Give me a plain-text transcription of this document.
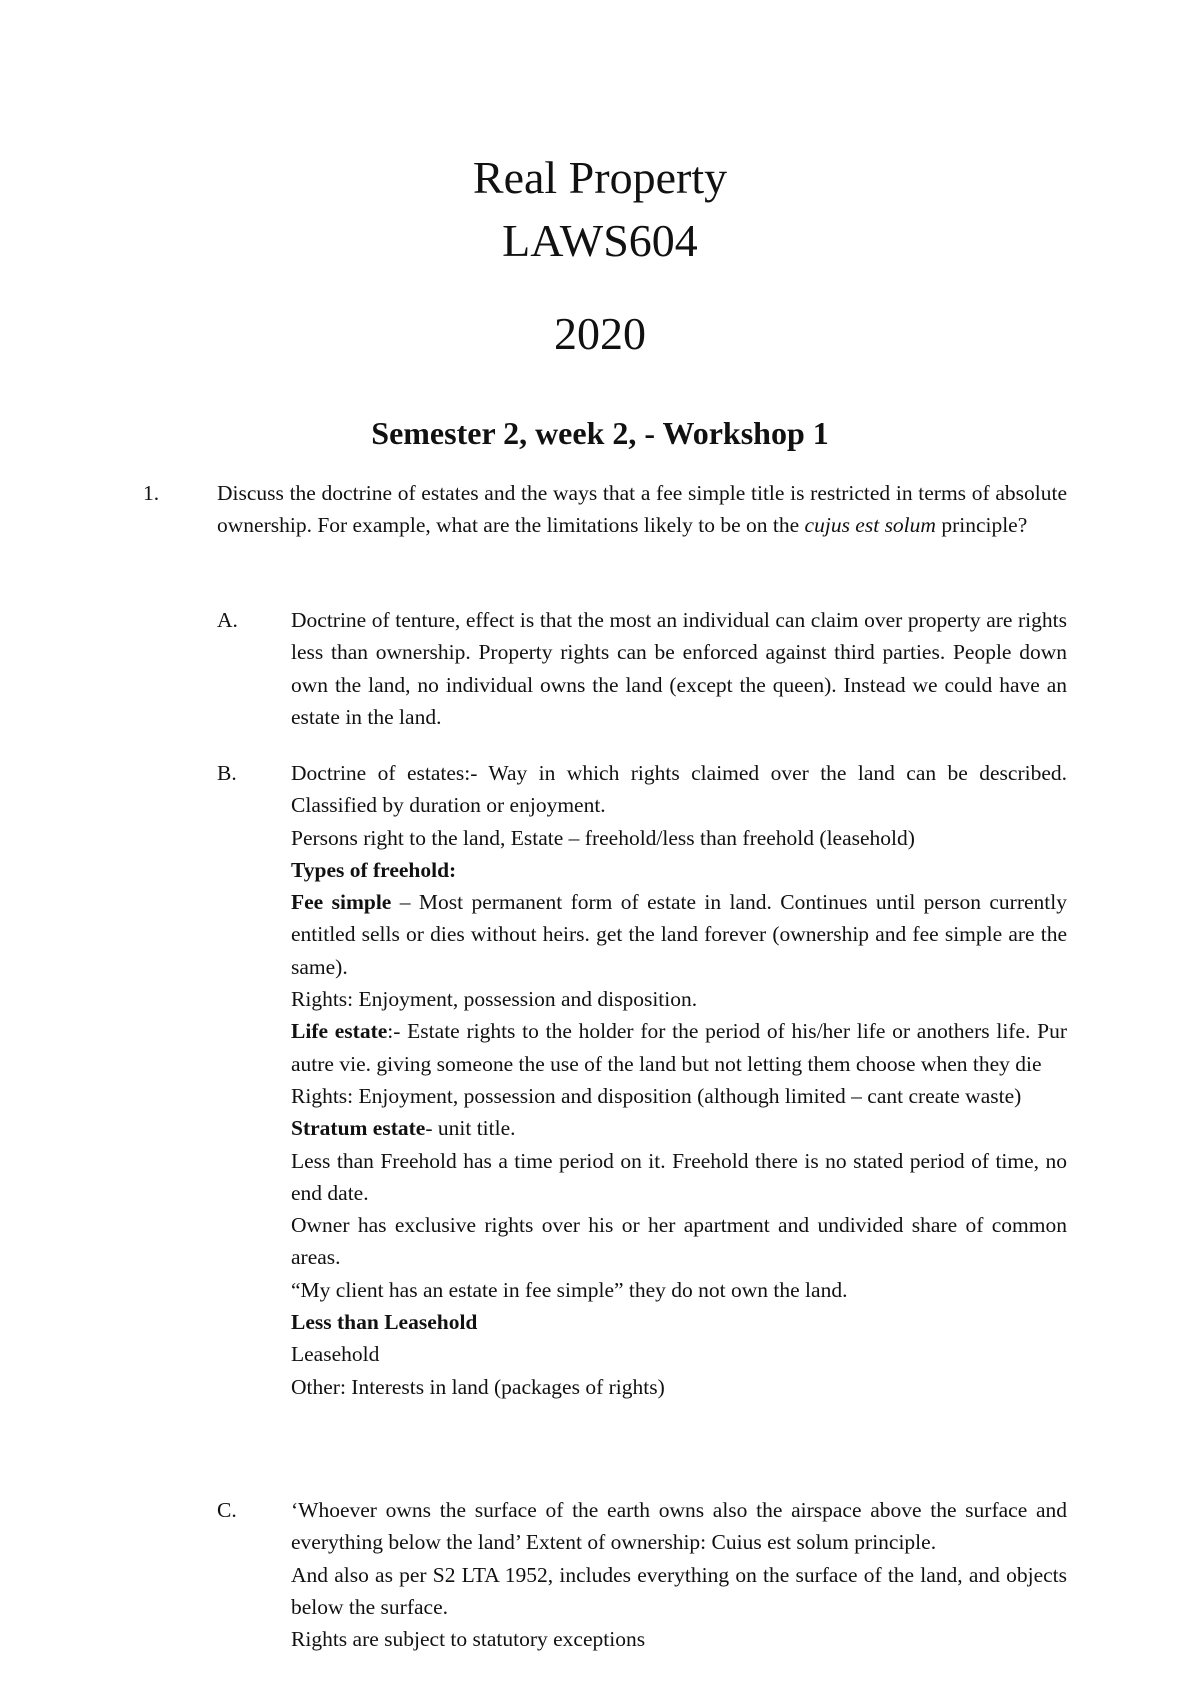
Real Property
LAWS604
2020
Semester 2, week 2, - Workshop 1
1.	Discuss the doctrine of estates and the ways that a fee simple title is restricted in terms of absolute ownership. For example, what are the limitations likely to be on the cujus est solum principle?
A. Doctrine of tenture, effect is that the most an individual can claim over property are rights less than ownership. Property rights can be enforced against third parties. People down own the land, no individual owns the land (except the queen). Instead we could have an estate in the land.
B.	Doctrine of estates:- Way in which rights claimed over the land can be described. Classified by duration or enjoyment.
Persons right to the land, Estate – freehold/less than freehold (leasehold)
Types of freehold:
Fee simple – Most permanent form of estate in land. Continues until person currently entitled sells or dies without heirs. get the land forever (ownership and fee simple are the same).
Rights: Enjoyment, possession and disposition.
Life estate:- Estate rights to the holder for the period of his/her life or anothers life. Pur autre vie. giving someone the use of the land but not letting them choose when they die
Rights: Enjoyment, possession and disposition (although limited – cant create waste)
Stratum estate- unit title.
Less than Freehold has a time period on it. Freehold there is no stated period of time, no end date.
Owner has exclusive rights over his or her apartment and undivided share of common areas.
“My client has an estate in fee simple” they do not own the land.
Less than Leasehold
Leasehold
Other: Interests in land (packages of rights)
C.	‘Whoever owns the surface of the earth owns also the airspace above the surface and everything below the land’ Extent of ownership: Cuius est solum principle.
And also as per S2 LTA 1952, includes everything on the surface of the land, and objects below the surface.
Rights are subject to statutory exceptions
